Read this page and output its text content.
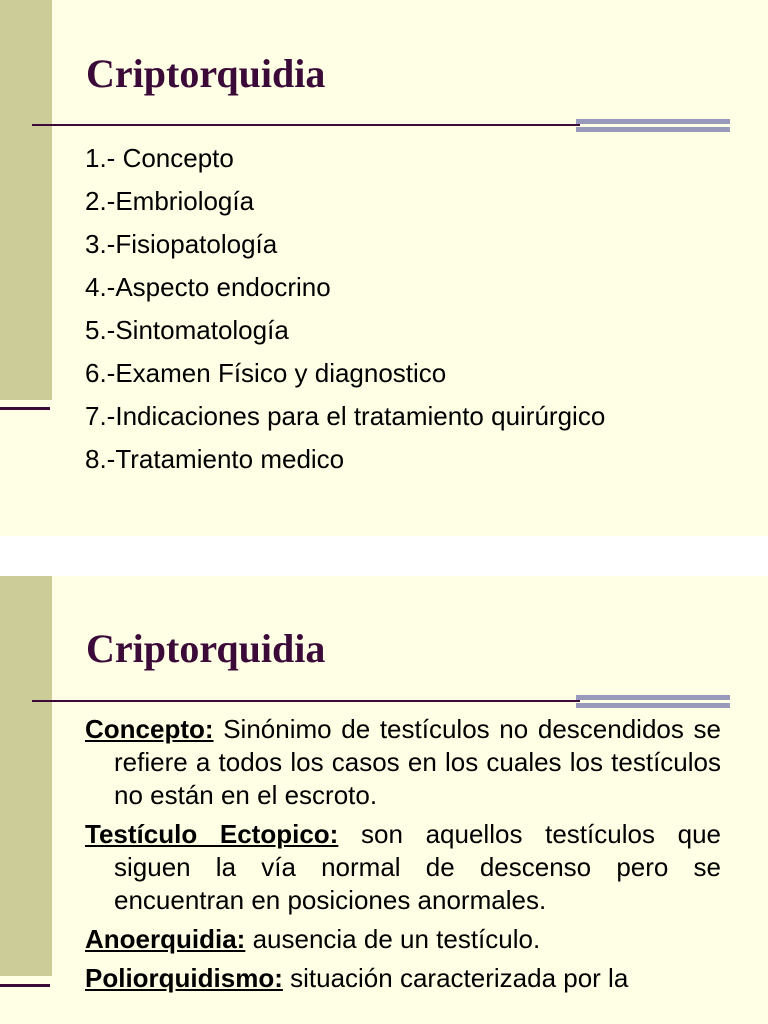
Criptorquidia
1.- Concepto
2.-Embriología
3.-Fisiopatología
4.-Aspecto endocrino
5.-Sintomatología
6.-Examen Físico y diagnostico
7.-Indicaciones para el tratamiento quirúrgico
8.-Tratamiento medico
Criptorquidia

Concepto: Sinónimo de testículos no descendidos se refiere a todos los casos en los cuales los testículos no están en el escroto.

Testículo Ectopico: son aquellos testículos que siguen la vía normal de descenso pero se encuentran en posiciones anormales.

Anoerquidia: ausencia de un testículo.

Poliorquidismo: situación caracterizada por la
